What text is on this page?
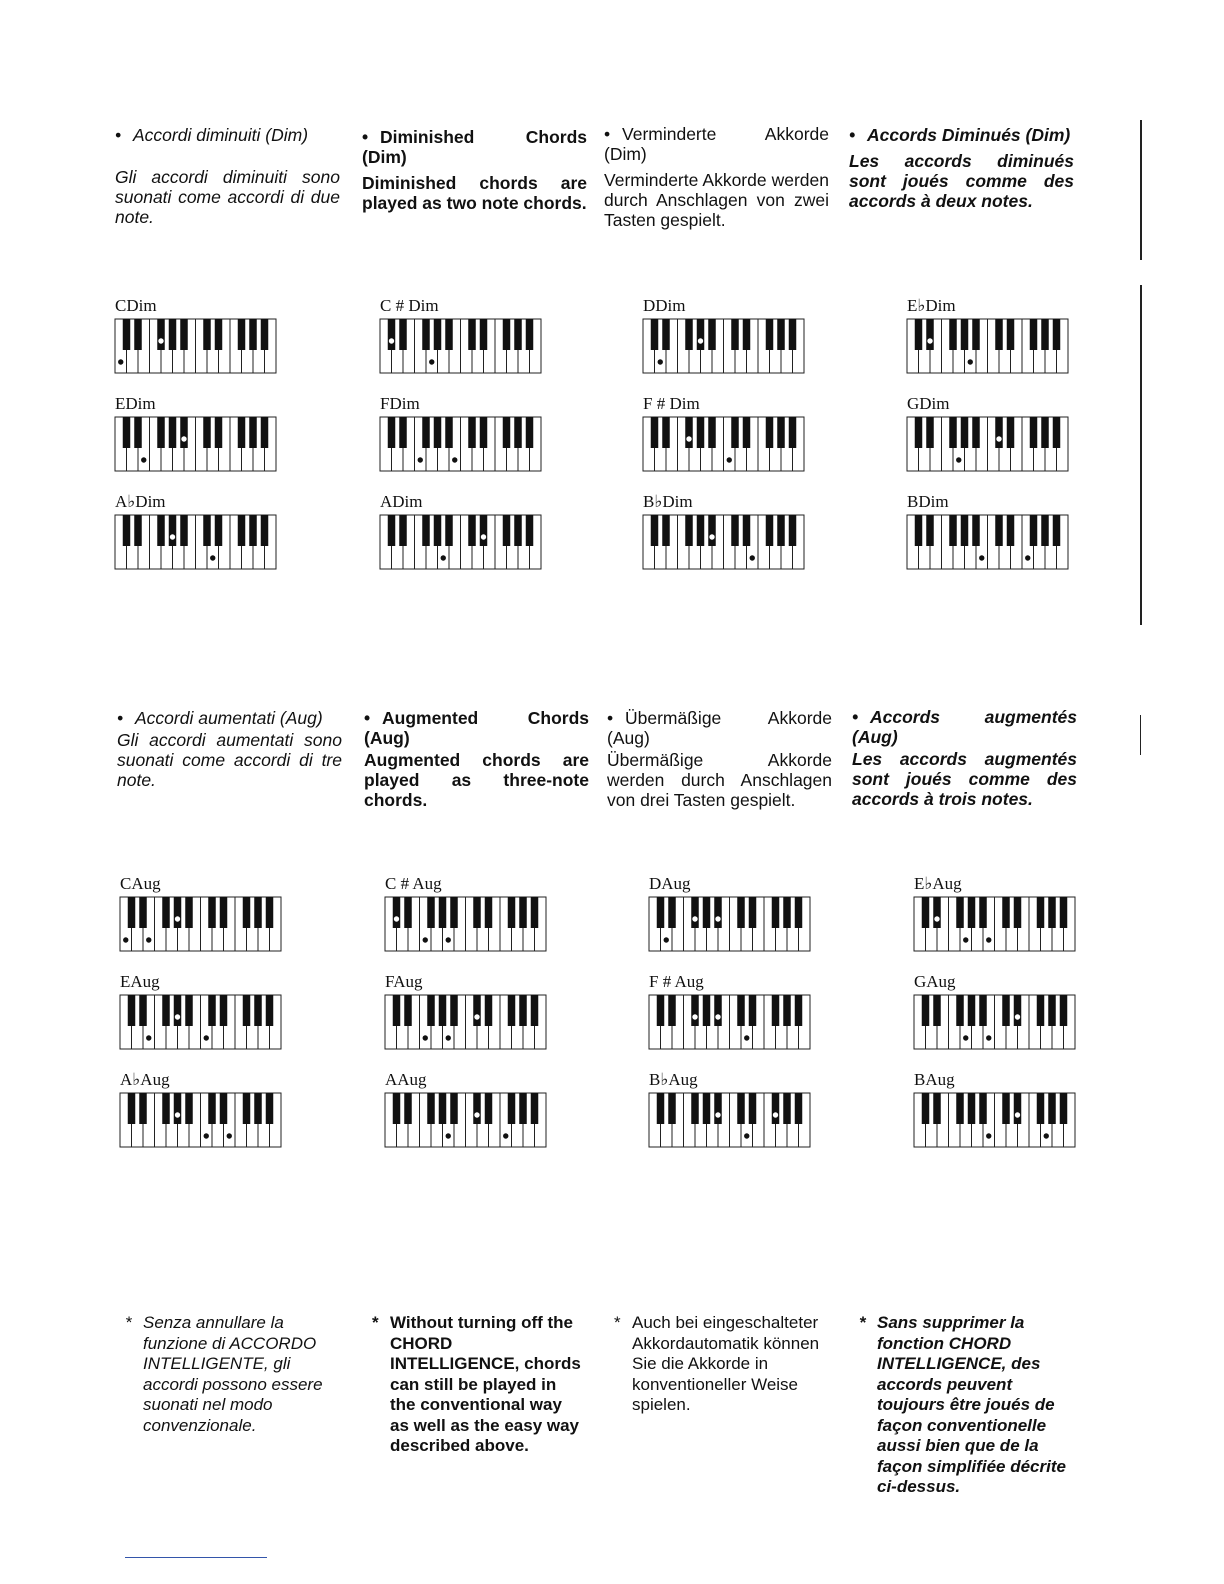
• Accordi diminuiti (Dim)

Gli accordi diminuiti sono suonati come accordi di due note.

• Diminished Chords (Dim)

Diminished chords are played as two note chords.

• Verminderte Akkorde (Dim)

Verminderte Akkorde werden durch Anschlagen von zwei Tasten gespielt.

• Accords Diminués (Dim)

Les accords diminués sont joués comme des accords à deux notes.

CDim	C # Dim	DDim	E♭Dim
EDim	FDim	F # Dim	GDim
A♭Dim	ADim	B♭Dim	BDim

• Accordi aumentati (Aug)

Gli accordi aumentati sono suonati come accordi di tre note.

• Augmented Chords (Aug)

Augmented chords are played as three-note chords.

• Übermäßige Akkorde (Aug)

Übermäßige Akkorde werden durch Anschlagen von drei Tasten gespielt.

• Accords augmentés (Aug)

Les accords augmentés sont joués comme des accords à trois notes.

CAug	C # Aug	DAug	E♭Aug
EAug	FAug	F # Aug	GAug
A♭Aug	AAug	B♭Aug	BAug
* Senza annullare la funzione di ACCORDO INTELLIGENTE, gli accordi possono essere suonati nel modo convenzionale.
* Without turning off the CHORD INTELLIGENCE, chords can still be played in the conventional way as well as the easy way described above.
* Auch bei eingeschalteter Akkordautomatik können Sie die Akkorde in konventioneller Weise spielen.
* Sans supprimer la fonction CHORD INTELLIGENCE, des accords peuvent toujours être joués de façon conventionelle aussi bien que de la façon simplifiée décrite ci-dessus.
